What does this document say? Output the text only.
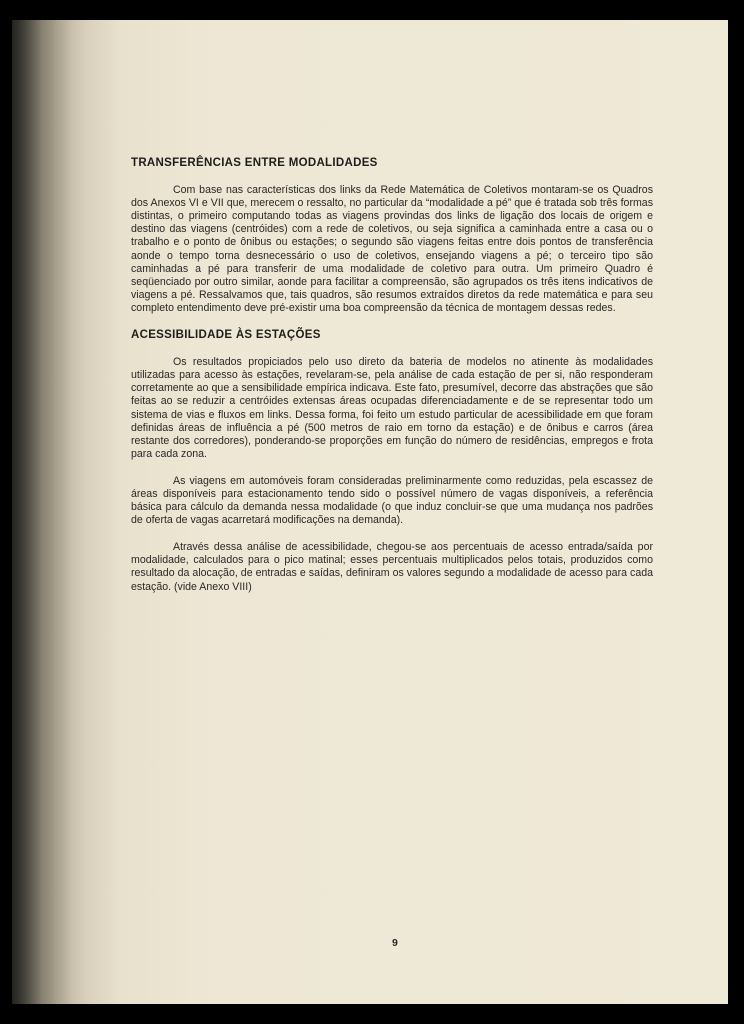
TRANSFERÊNCIAS ENTRE MODALIDADES

Com base nas características dos links da Rede Matemática de Coletivos montaram-se os Quadros dos Anexos VI e VII que, merecem o ressalto, no particular da “modalidade a pé” que é tratada sob três formas distintas, o primeiro computando todas as viagens provindas dos links de ligação dos locais de origem e destino das viagens (centróides) com a rede de coletivos, ou seja significa a caminhada entre a casa ou o trabalho e o ponto de ônibus ou estações; o segundo são viagens feitas entre dois pontos de transferência aonde o tempo torna desnecessário o uso de coletivos, ensejando viagens a pé; o terceiro tipo são caminhadas a pé para transferir de uma modalidade de coletivo para outra. Um primeiro Quadro é seqüenciado por outro similar, aonde para facilitar a compreensão, são agrupados os três itens indicativos de viagens a pé. Ressalvamos que, tais quadros, são resumos extraídos diretos da rede matemática e para seu completo entendimento deve pré-existir uma boa compreensão da técnica de montagem dessas redes.

ACESSIBILIDADE ÀS ESTAÇÕES

Os resultados propiciados pelo uso direto da bateria de modelos no atinente às modalidades utilizadas para acesso às estações, revelaram-se, pela análise de cada estação de per si, não responderam corretamente ao que a sensibilidade empírica indicava. Este fato, presumível, decorre das abstrações que são feitas ao se reduzir a centróides extensas áreas ocupadas diferenciadamente e de se representar todo um sistema de vias e fluxos em links. Dessa forma, foi feito um estudo particular de acessibilidade em que foram definidas áreas de influência a pé (500 metros de raio em torno da estação) e de ônibus e carros (área restante dos corredores), ponderando-se proporções em função do número de residências, empregos e frota para cada zona.

As viagens em automóveis foram consideradas preliminarmente como reduzidas, pela escassez de áreas disponíveis para estacionamento tendo sido o possível número de vagas disponíveis, a referência básica para cálculo da demanda nessa modalidade (o que induz concluir-se que uma mudança nos padrões de oferta de vagas acarretará modificações na demanda).

Através dessa análise de acessibilidade, chegou-se aos percentuais de acesso entrada/saída por modalidade, calculados para o pico matinal; esses percentuais multiplicados pelos totais, produzidos como resultado da alocação, de entradas e saídas, definiram os valores segundo a modalidade de acesso para cada estação. (vide Anexo VIII)

9
